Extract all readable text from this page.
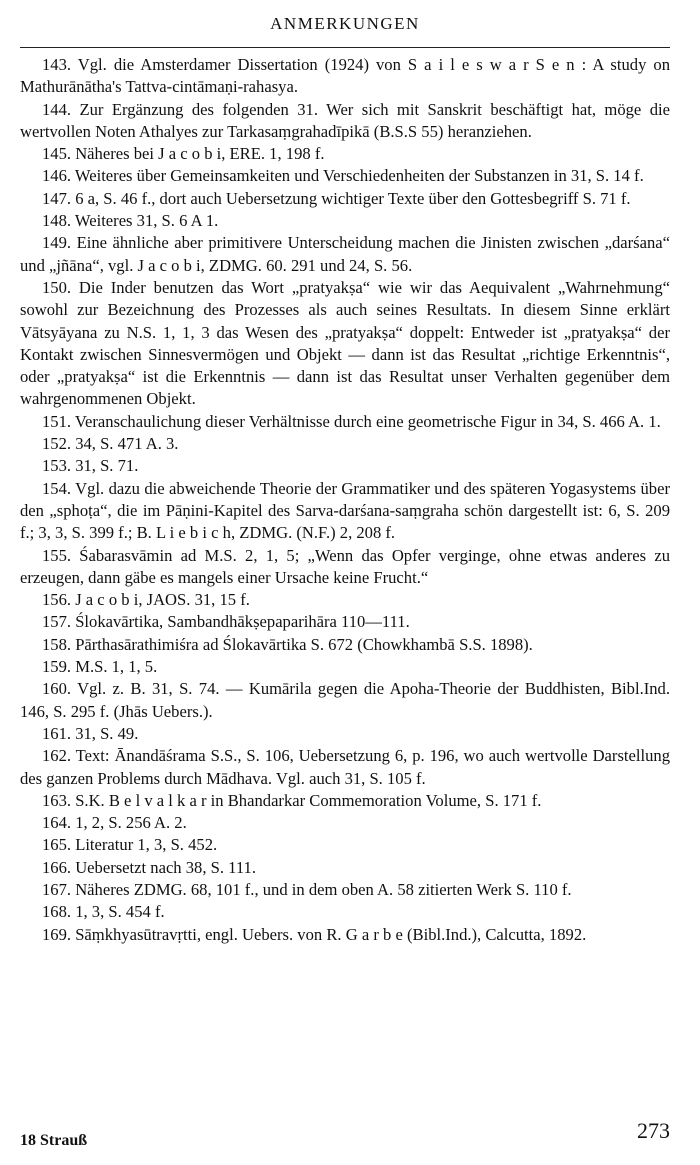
ANMERKUNGEN
143. Vgl. die Amsterdamer Dissertation (1924) von S a i l e s w a r S e n : A study on Mathurānātha's Tattva-cintāmaṇi-rahasya.
144. Zur Ergänzung des folgenden 31. Wer sich mit Sanskrit beschäftigt hat, möge die wertvollen Noten Athalyes zur Tarkasaṃgrahadīpikā (B.S.S 55) heranziehen.
145. Näheres bei J a c o b i, ERE. 1, 198 f.
146. Weiteres über Gemeinsamkeiten und Verschiedenheiten der Substanzen in 31, S. 14 f.
147. 6 a, S. 46 f., dort auch Uebersetzung wichtiger Texte über den Gottesbegriff S. 71 f.
148. Weiteres 31, S. 6 A 1.
149. Eine ähnliche aber primitivere Unterscheidung machen die Jinisten zwischen „darśana“ und „jñāna“, vgl. J a c o b i, ZDMG. 60. 291 und 24, S. 56.
150. Die Inder benutzen das Wort „pratyakṣa“ wie wir das Aequivalent „Wahrnehmung“ sowohl zur Bezeichnung des Prozesses als auch seines Resultats. In diesem Sinne erklärt Vātsyāyana zu N.S. 1, 1, 3 das Wesen des „pratyakṣa“ doppelt: Entweder ist „pratyakṣa“ der Kontakt zwischen Sinnesvermögen und Objekt — dann ist das Resultat „richtige Erkenntnis“, oder „pratyakṣa“ ist die Erkenntnis — dann ist das Resultat unser Verhalten gegenüber dem wahrgenommenen Objekt.
151. Veranschaulichung dieser Verhältnisse durch eine geometrische Figur in 34, S. 466 A. 1.
152. 34, S. 471 A. 3.
153. 31, S. 71.
154. Vgl. dazu die abweichende Theorie der Grammatiker und des späteren Yogasystems über den „sphoṭa“, die im Pāṇini-Kapitel des Sarva-darśana-saṃgraha schön dargestellt ist: 6, S. 209 f.; 3, 3, S. 399 f.; B. L i e b i c h, ZDMG. (N.F.) 2, 208 f.
155. Śabarasvāmin ad M.S. 2, 1, 5; „Wenn das Opfer verginge, ohne etwas anderes zu erzeugen, dann gäbe es mangels einer Ursache keine Frucht.“
156. J a c o b i, JAOS. 31, 15 f.
157. Ślokavārtika, Sambandhākṣepaparihāra 110—111.
158. Pārthasārathimiśra ad Ślokavārtika S. 672 (Chowkhambā S.S. 1898).
159. M.S. 1, 1, 5.
160. Vgl. z. B. 31, S. 74. — Kumārila gegen die Apoha-Theorie der Buddhisten, Bibl.Ind. 146, S. 295 f. (Jhās Uebers.).
161. 31, S. 49.
162. Text: Ānandāśrama S.S., S. 106, Uebersetzung 6, p. 196, wo auch wertvolle Darstellung des ganzen Problems durch Mādhava. Vgl. auch 31, S. 105 f.
163. S.K. B e l v a l k a r in Bhandarkar Commemoration Volume, S. 171 f.
164. 1, 2, S. 256 A. 2.
165. Literatur 1, 3, S. 452.
166. Uebersetzt nach 38, S. 111.
167. Näheres ZDMG. 68, 101 f., und in dem oben A. 58 zitierten Werk S. 110 f.
168. 1, 3, S. 454 f.
169. Sāṃkhyasūtravṛtti, engl. Uebers. von R. G a r b e (Bibl.Ind.), Calcutta, 1892.
18 Strauß	273
